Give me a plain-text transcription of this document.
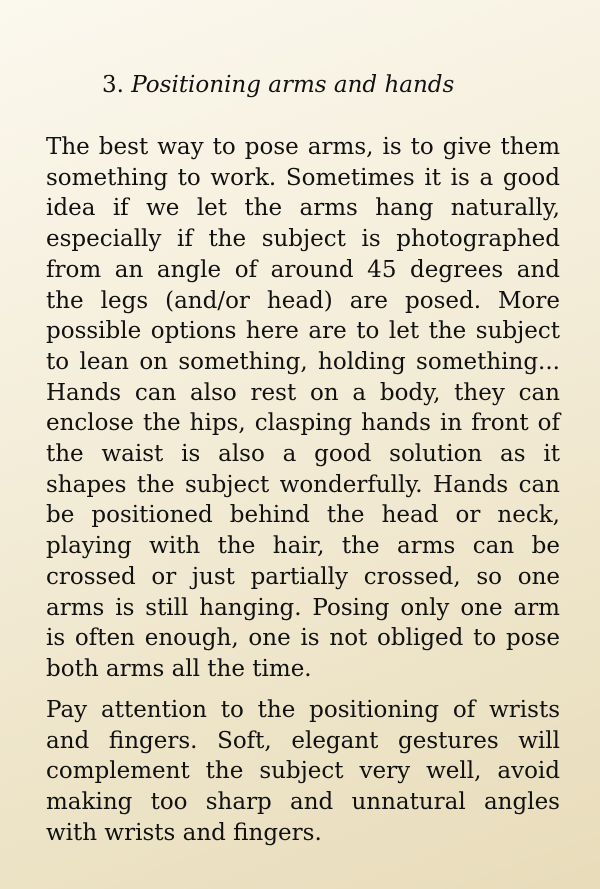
3. Positioning arms and hands

The best way to pose arms, is to give them something to work. Sometimes it is a good idea if we let the arms hang naturally, especially if the subject is photographed from an angle of around 45 degrees and the legs (and/or head) are posed. More possible options here are to let the subject to lean on something, holding something... Hands can also rest on a body, they can enclose the hips, clasping hands in front of the waist is also a good solution as it shapes the subject wonderfully. Hands can be positioned behind the head or neck, playing with the hair, the arms can be crossed or just partially crossed, so one arms is still hanging. Posing only one arm is often enough, one is not obliged to pose both arms all the time.

Pay attention to the positioning of wrists and fingers. Soft, elegant gestures will complement the subject very well, avoid making too sharp and unnatural angles with wrists and fingers.
